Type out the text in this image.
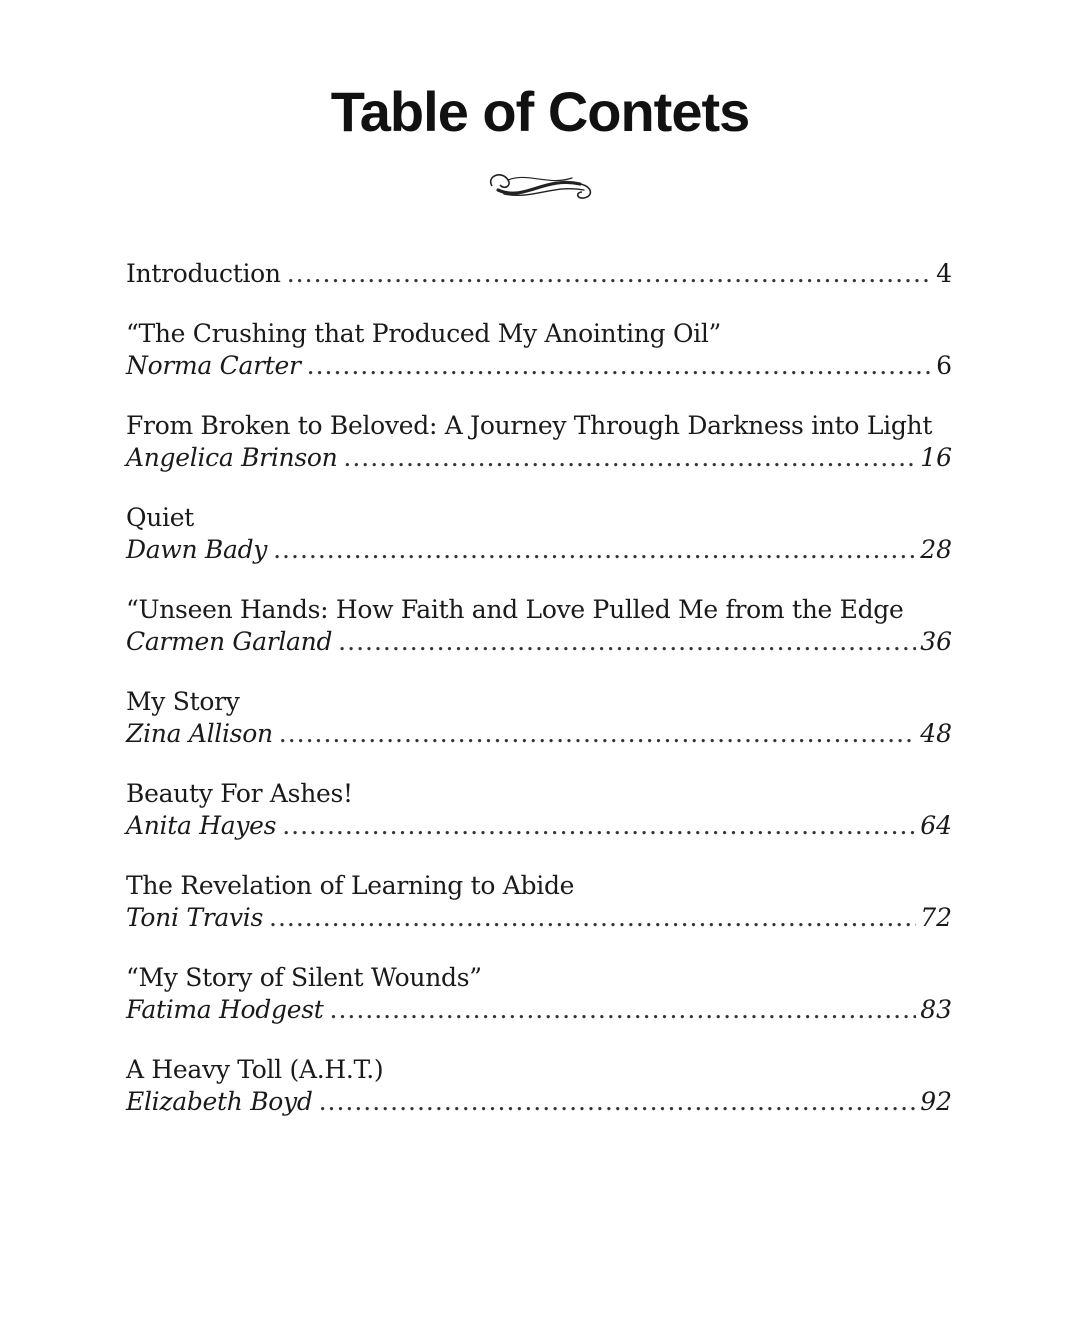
Table of Contets
Introduction .....	4
“The Crushing that Produced My Anointing Oil”
Norma Carter .....	6
From Broken to Beloved: A Journey Through Darkness into Light
Angelica Brinson .....	16
Quiet
Dawn Bady .....	28
“Unseen Hands: How Faith and Love Pulled Me from the Edge
Carmen Garland .....	36
My Story
Zina Allison .....	48
Beauty For Ashes!
Anita Hayes .....	64
The Revelation of Learning to Abide
Toni Travis .....	72
“My Story of Silent Wounds”
Fatima Hodgest .....	83
A Heavy Toll (A.H.T.)
Elizabeth Boyd .....	92
